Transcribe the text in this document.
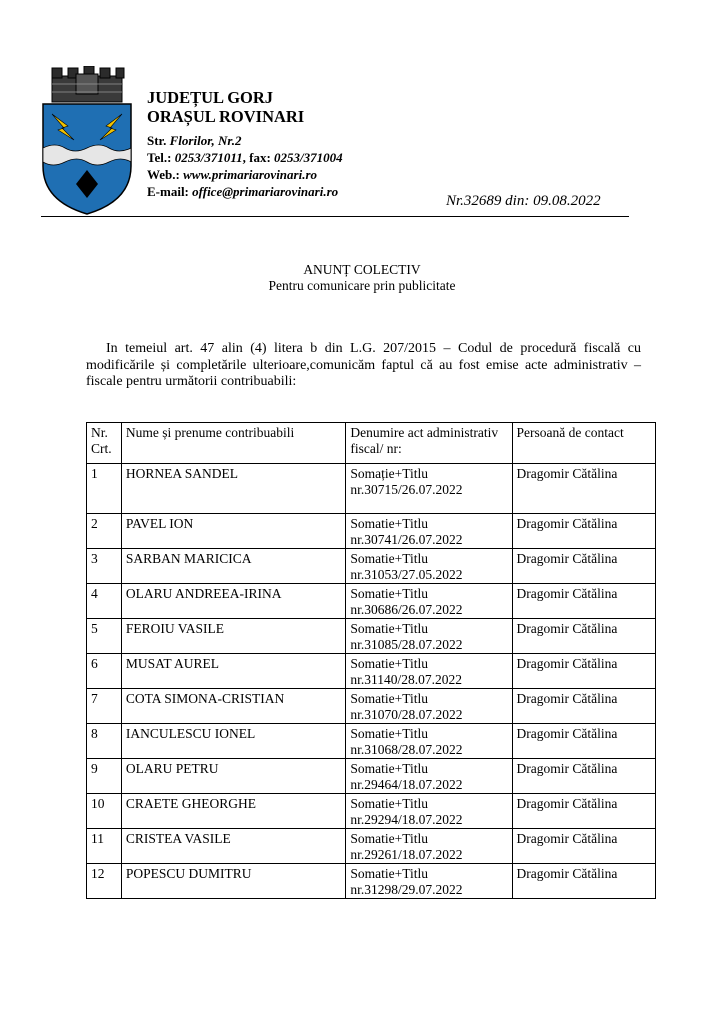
JUDEȚUL GORJ
ORAȘUL ROVINARI
Str. Florilor, Nr.2
Tel.: 0253/371011, fax: 0253/371004
Web.: www.primariarovinari.ro
E-mail: office@primariarovinari.ro
Nr.32689 din: 09.08.2022
ANUNȚ COLECTIV
Pentru comunicare prin publicitate
In temeiul art. 47 alin (4) litera b din L.G. 207/2015 – Codul de procedură fiscală cu modificările și completările ulterioare,comunicăm faptul că au fost emise acte administrativ – fiscale pentru următorii contribuabili:
Nr. Crt.	Nume și prenume contribuabili	Denumire act administrativ fiscal/ nr:	Persoană de contact
1	HORNEA SANDEL	Somație+Titlu
nr.30715/26.07.2022	Dragomir Cătălina
2	PAVEL ION	Somatie+Titlu
nr.30741/26.07.2022	Dragomir Cătălina
3	SARBAN MARICICA	Somatie+Titlu
nr.31053/27.05.2022	Dragomir Cătălina
4	OLARU ANDREEA-IRINA	Somatie+Titlu
nr.30686/26.07.2022	Dragomir Cătălina
5	FEROIU VASILE	Somatie+Titlu
nr.31085/28.07.2022	Dragomir Cătălina
6	MUSAT AUREL	Somatie+Titlu
nr.31140/28.07.2022	Dragomir Cătălina
7	COTA SIMONA-CRISTIAN	Somatie+Titlu
nr.31070/28.07.2022	Dragomir Cătălina
8	IANCULESCU IONEL	Somatie+Titlu
nr.31068/28.07.2022	Dragomir Cătălina
9	OLARU PETRU	Somatie+Titlu
nr.29464/18.07.2022	Dragomir Cătălina
10	CRAETE GHEORGHE	Somatie+Titlu
nr.29294/18.07.2022	Dragomir Cătălina
11	CRISTEA VASILE	Somatie+Titlu
nr.29261/18.07.2022	Dragomir Cătălina
12	POPESCU DUMITRU	Somatie+Titlu
nr.31298/29.07.2022	Dragomir Cătălina
